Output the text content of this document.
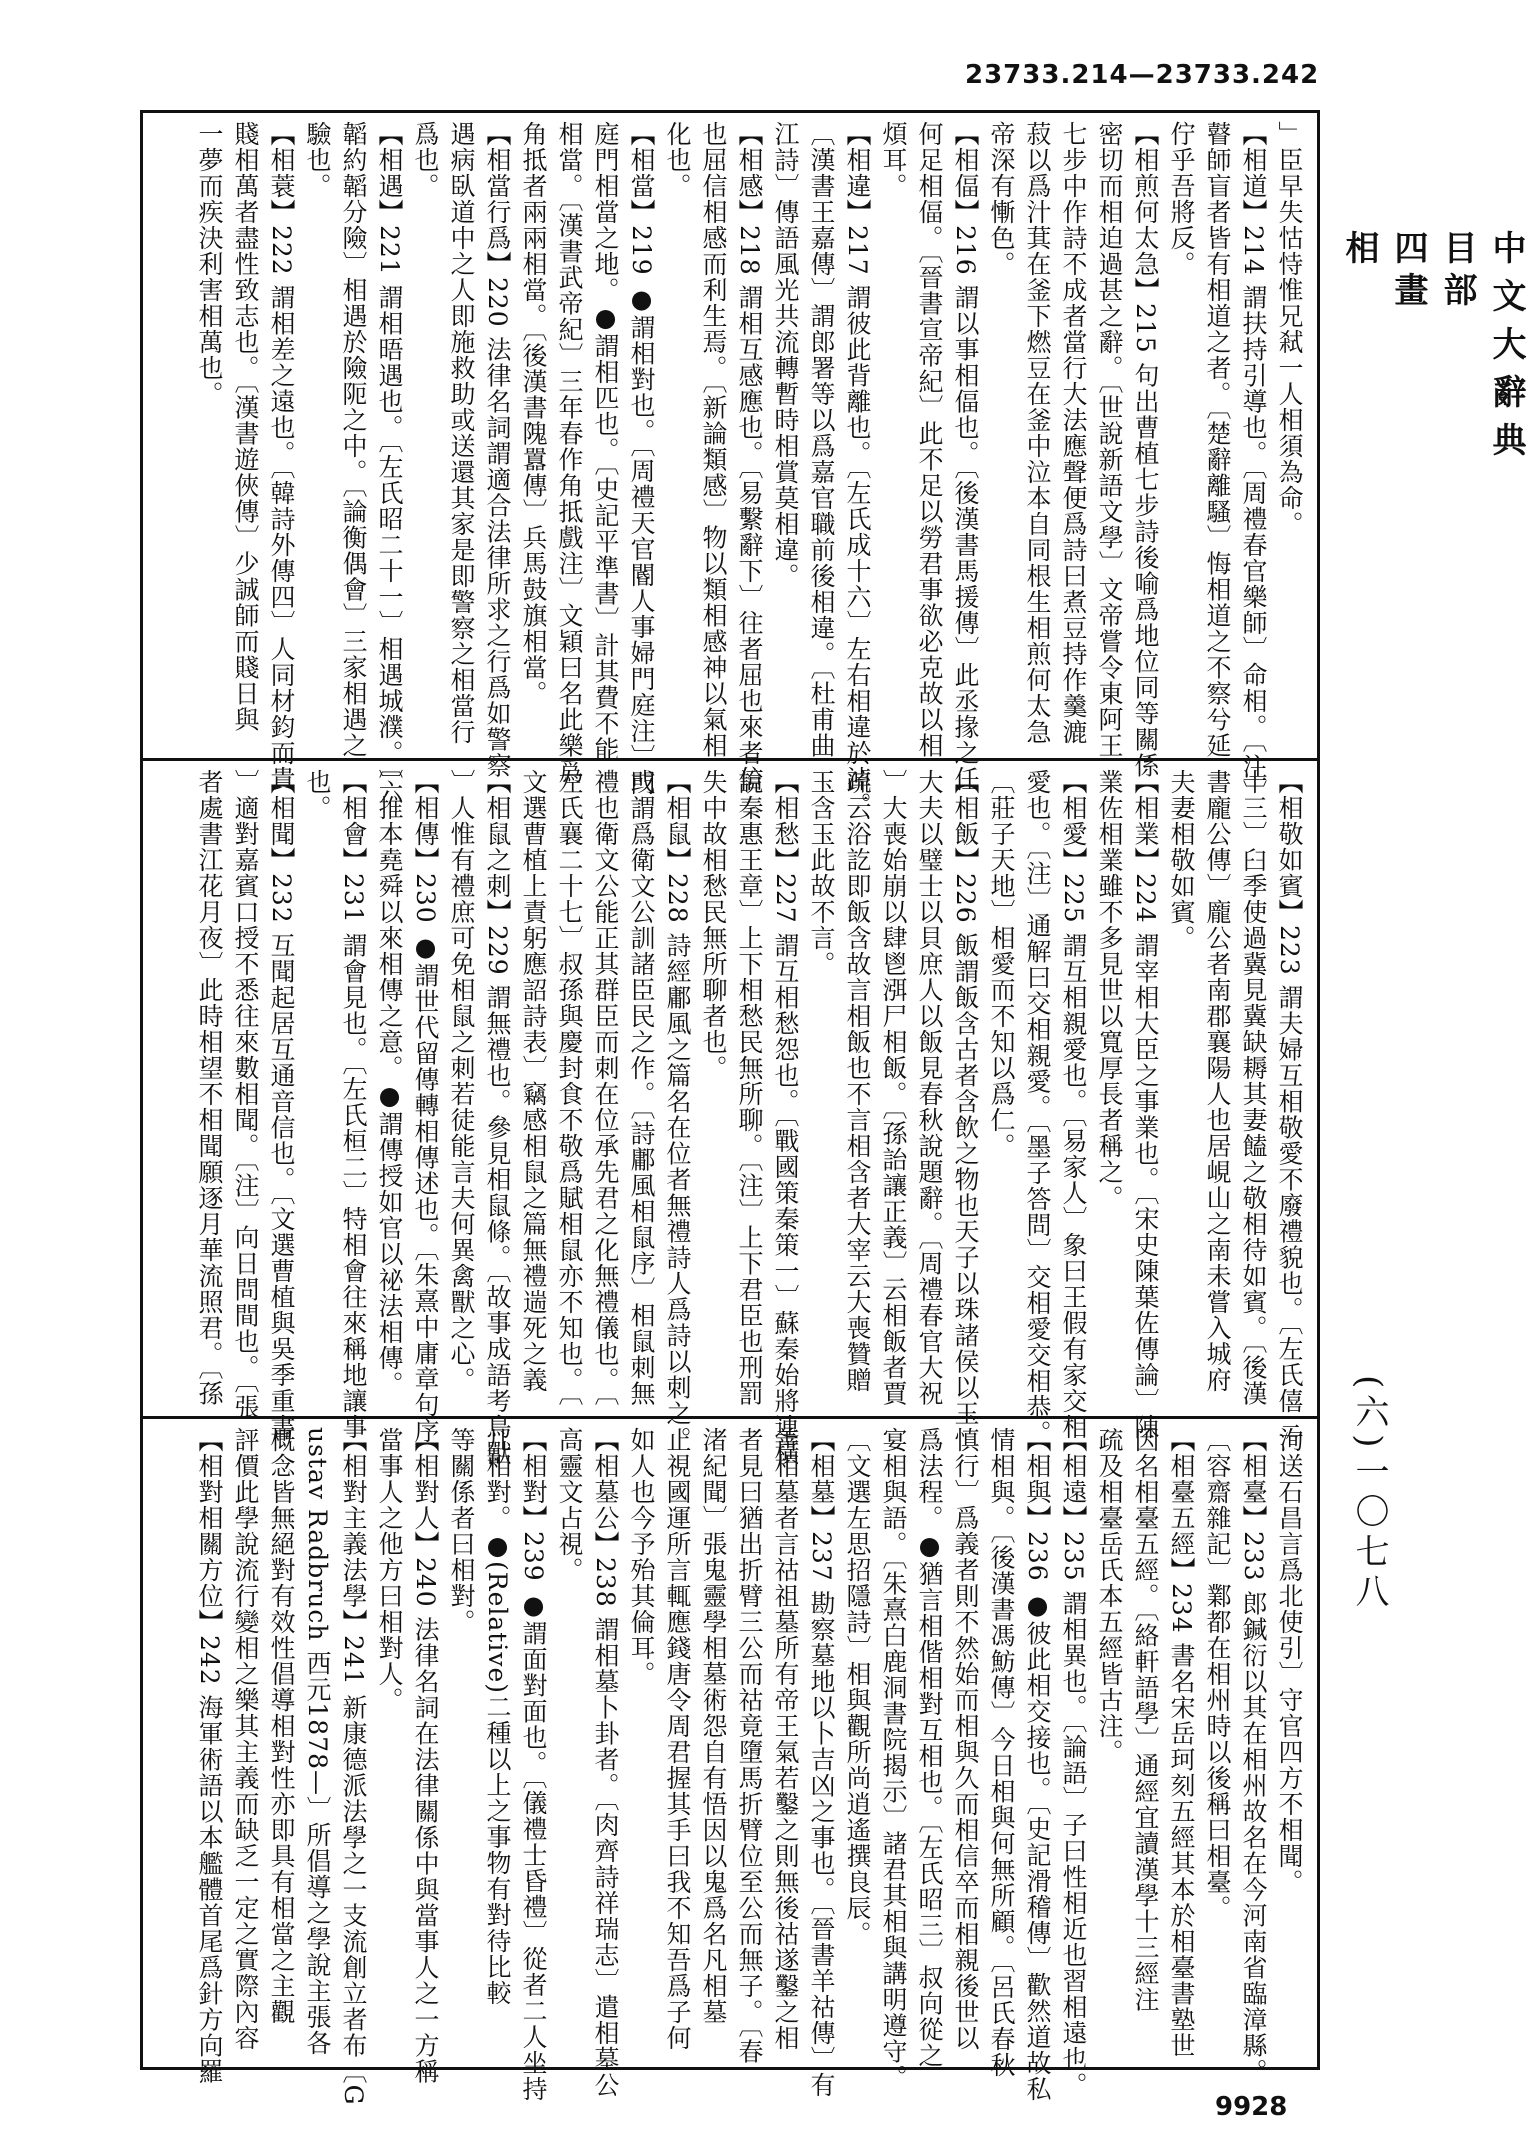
23733.214—23733.242
中文大辭典
目部
四畫
相
(六)一〇七八
」臣早失怙恃惟兄弒一人相須為命。
【相道】214 謂扶持引導也。〔周禮春官樂師〕命相。〔注〕
瞽師盲者皆有相道之者。〔楚辭離騷〕悔相道之不察兮延
佇乎吾將反。
【相煎何太急】215 句出曹植七步詩後喻爲地位同等關係
密切而相迫過甚之辭。〔世說新語文學〕文帝嘗令東阿王
七步中作詩不成者當行大法應聲便爲詩曰煮豆持作羹漉
菽以爲汁萁在釜下燃豆在釜中泣本自同根生相煎何太急
帝深有慚色。
【相偪】216 謂以事相偪也。〔後漢書馬援傳〕此丞掾之任
何足相偪。〔晉書宣帝紀〕此不足以勞君事欲必克故以相
煩耳。
【相違】217 謂彼此背離也。〔左氏成十六〕左右相違於淖。
〔漢書王嘉傳〕謂郎署等以爲嘉官職前後相違。〔杜甫曲
江詩〕傳語風光共流轉暫時相賞莫相違。
【相感】218 謂相互感應也。〔易繫辭下〕往者屈也來者信
也屈信相感而利生焉。〔新論類感〕物以類相感神以氣相
化也。
【相當】219 ●謂相對也。〔周禮天官閽人事婦門庭注〕門
庭門相當之地。●謂相匹也。〔史記平準書〕計其費不能
相當。〔漢書武帝紀〕三年春作角抵戲注〕文穎曰名此樂爲
角抵者兩兩相當。〔後漢書隗囂傳〕兵馬鼓旗相當。
【相當行爲】220 法律名詞謂適合法律所求之行爲如警察
遇病臥道中之人即施救助或送還其家是即警察之相當行
爲也。
【相遇】221 謂相晤遇也。〔左氏昭二十一〕相遇城濮。〔六
韜約韜分險〕相遇於險阨之中。〔論衡偶會〕三家相遇之
驗也。
【相蓑】222 謂相差之遠也。〔韓詩外傳四〕人同材鈞而貴
賤相萬者盡性致志也。〔漢書遊俠傳〕少誠師而賤日與
一夢而疾決利害相萬也。
【相敬如賓】223 謂夫婦互相敬愛不廢禮貌也。〔左氏僖三
十三〕臼季使過冀見冀缺耨其妻饁之敬相待如賓。〔後漢
書龐公傳〕龐公者南郡襄陽人也居峴山之南未嘗入城府
夫妻相敬如賓。
【相業】224 謂宰相大臣之事業也。〔宋史陳葉佐傳論〕陳
業佐相業雖不多見世以寬厚長者稱之。
【相愛】225 謂互相親愛也。〔易家人〕象曰王假有家交相
愛也。〔注〕通解曰交相親愛。〔墨子答問〕交相愛交相恭。
〔莊子天地〕相愛而不知以爲仁。
【相飯】226 飯謂飯含古者含飲之物也天子以珠諸侯以玉
大夫以璧士以貝庶人以飯見春秋說題辭。〔周禮春官大祝
〕大喪始崩以肆鬯渳尸相飯。〔孫詒讓正義〕云相飯者賈
疏云浴訖即飯含故言相飯也不言相含者大宰云大喪贊贈
玉含玉此故不言。
【相愁】227 謂互相愁怨也。〔戰國策秦策一〕蘇秦始將連橫
說秦惠王章〕上下相愁民無所聊。〔注〕上下君臣也刑罰
失中故相愁民無所聊者也。
【相鼠】228 詩經鄘風之篇名在位者無禮詩人爲詩以刺之。
或謂爲衛文公訓諸臣民之作。〔詩鄘風相鼠序〕相鼠刺無
禮也衛文公能正其群臣而刺在位承先君之化無禮儀也。〔
左氏襄二十七〕叔孫與慶封食不敬爲賦相鼠亦不知也。〔
文選曹植上責躬應詔詩表〕竊感相鼠之篇無禮遄死之義
【相鼠之刺】229 謂無禮也。參見相鼠條。〔故事成語考鳥獸
〕人惟有禮庶可免相鼠之刺若徒能言夫何異禽獸之心。
【相傳】230 ●謂世代留傳轉相傳述也。〔朱熹中庸章句序
〕推本堯舜以來相傳之意。●謂傳授如官以祕法相傳。
【相會】231 謂會見也。〔左氏桓二〕特相會往來稱地讓事
也。
【相聞】232 互聞起居互通音信也。〔文選曹植與吳季重書
〕適對嘉賓口授不悉往來數相聞。〔注〕向日問間也。〔張
者處書江花月夜〕此時相望不相聞願逐月華流照君。〔孫
洵送石昌言爲北使引〕守官四方不相聞。
【相臺】233 郎鍼衍以其在相州故名在今河南省臨漳縣。
〔容齋雜記〕鄴都在相州時以後稱曰相臺。
【相臺五經】234 書名宋岳珂刻五經其本於相臺書塾世
因名相臺五經。〔絡軒語學〕通經宜讀漢學十三經注
疏及相臺岳氏本五經皆古注。
【相遠】235 謂相異也。〔論語〕子曰性相近也習相遠也。
【相與】236 ●彼此相交接也。〔史記滑稽傳〕歡然道故私
情相與。〔後漢書馮魴傳〕今日相與何無所顧。〔呂氏春秋
慎行〕爲義者則不然始而相與久而相信卒而相親後世以
爲法程。●猶言相偕相對互相也。〔左氏昭三〕叔向從之
宴相與語。〔朱熹白鹿洞書院揭示〕諸君其相與講明遵守。
〔文選左思招隱詩〕相與觀所尚逍遙撰良辰。
【相墓】237 勘察墓地以卜吉凶之事也。〔晉書羊祜傳〕有
善相墓者言祜祖墓所有帝王氣若鑿之則無後祜遂鑿之相
者見曰猶出折臂三公而祜竟墮馬折臂位至公而無子。〔春
渚紀聞〕張鬼靈學相墓術怨自有悟因以鬼爲名凡相墓
止視國運所言輒應錢唐令周君握其手曰我不知吾爲子何
如人也今予殆其倫耳。
【相墓公】238 謂相墓卜卦者。〔肉齊詩祥瑞志〕遣相墓公
高靈文占視。
【相對】239 ●謂面對面也。〔儀禮士昏禮〕從者二人坐持
几相對。●(Relative)二種以上之事物有對待比較
等關係者曰相對。
【相對人】240 法律名詞在法律關係中與當事人之一方稱
當事人之他方曰相對人。
【相對主義法學】241 新康德派法學之一支流創立者布〔G
ustav Radbruch 西元1878—〕所倡導之學說主張各
概念皆無絕對有效性倡導相對性亦即具有相當之主觀
評價此學說流行變相之樂其主義而缺乏一定之實際內容
【相對相關方位】242 海軍術語以本艦體首尾爲針方向羅
9928
